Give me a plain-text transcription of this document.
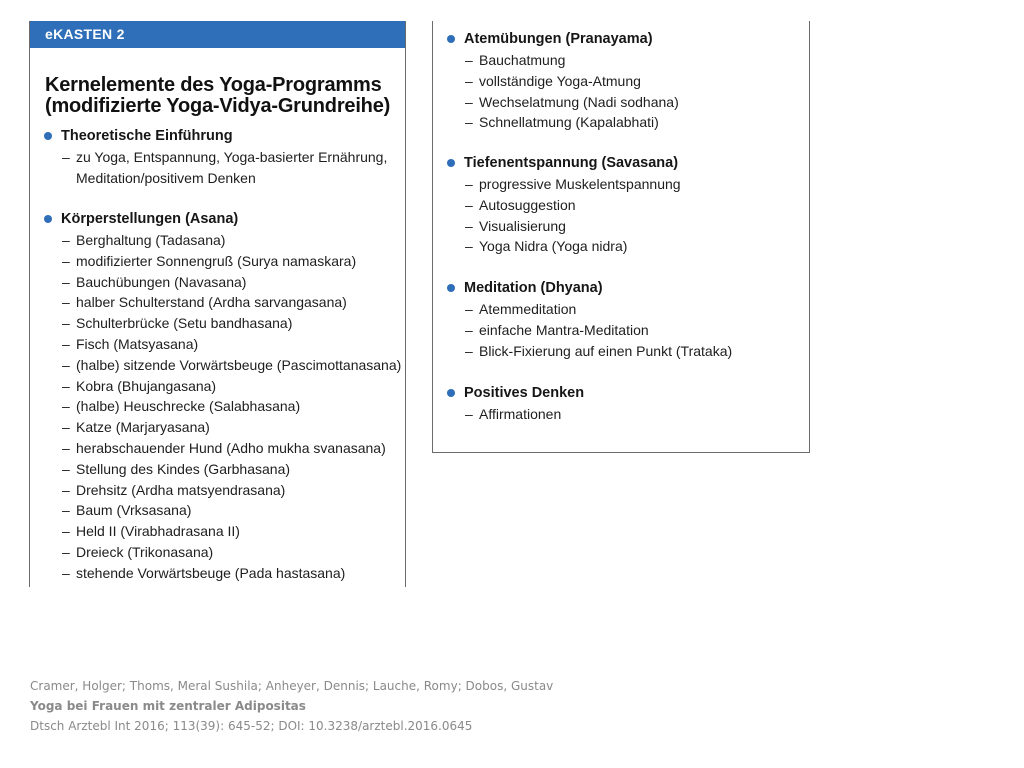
eKASTEN 2
Kernelemente des Yoga-Programms
(modifizierte Yoga-Vidya-Grundreihe)
Theoretische Einführung
– zu Yoga, Entspannung, Yoga-basierter Ernährung,
Meditation/positivem Denken
Körperstellungen (Asana)
– Berghaltung (Tadasana)
– modifizierter Sonnengruß (Surya namaskara)
– Bauchübungen (Navasana)
– halber Schulterstand (Ardha sarvangasana)
– Schulterbrücke (Setu bandhasana)
– Fisch (Matsyasana)
– (halbe) sitzende Vorwärtsbeuge (Pascimottanasana)
– Kobra (Bhujangasana)
– (halbe) Heuschrecke (Salabhasana)
– Katze (Marjaryasana)
– herabschauender Hund (Adho mukha svanasana)
– Stellung des Kindes (Garbhasana)
– Drehsitz (Ardha matsyendrasana)
– Baum (Vrksasana)
– Held II (Virabhadrasana II)
– Dreieck (Trikonasana)
– stehende Vorwärtsbeuge (Pada hastasana)
Atemübungen (Pranayama)
– Bauchatmung
– vollständige Yoga-Atmung
– Wechselatmung (Nadi sodhana)
– Schnellatmung (Kapalabhati)
Tiefenentspannung (Savasana)
– progressive Muskelentspannung
– Autosuggestion
– Visualisierung
– Yoga Nidra (Yoga nidra)
Meditation (Dhyana)
– Atemmeditation
– einfache Mantra-Meditation
– Blick-Fixierung auf einen Punkt (Trataka)
Positives Denken
– Affirmationen
Cramer, Holger; Thoms, Meral Sushila; Anheyer, Dennis; Lauche, Romy; Dobos, Gustav
Yoga bei Frauen mit zentraler Adipositas
Dtsch Arztebl Int 2016; 113(39): 645-52; DOI: 10.3238/arztebl.2016.0645
